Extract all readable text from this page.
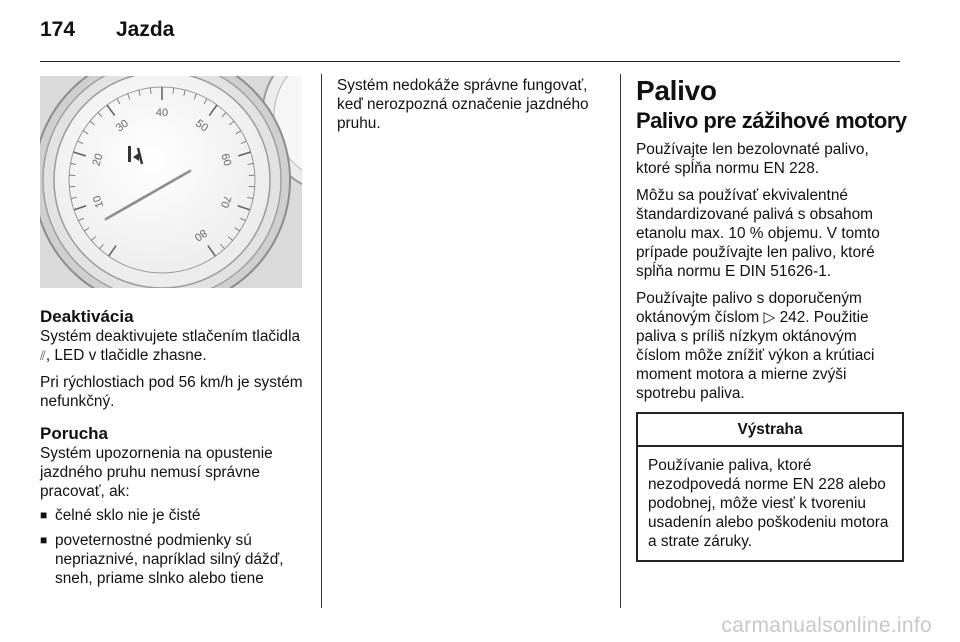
174 Jazda
10
20
30
40
50
60
70
80
Deaktivácia

Systém deaktivujete stlačením tlačidla ⫽, LED v tlačidle zhasne.

Pri rýchlostiach pod 56 km/h je systém nefunkčný.

Porucha

Systém upozornenia na opustenie jazdného pruhu nemusí správne pracovať, ak:

■ čelné sklo nie je čisté
■ poveternostné podmienky sú nepriaznivé, napríklad silný dážď, sneh, priame slnko alebo tiene

Systém nedokáže správne fungovať, keď nerozpozná označenie jazdného pruhu.

Palivo
Palivo pre zážihové motory

Používajte len bezolovnaté palivo, ktoré spĺňa normu EN 228.

Môžu sa používať ekvivalentné štandardizované palivá s obsahom etanolu max. 10 % objemu. V tomto prípade používajte len palivo, ktoré spĺňa normu E DIN 51626-1.

Používajte palivo s doporučeným oktánovým číslom ▷ 242. Použitie paliva s príliš nízkym oktánovým číslom môže znížiť výkon a krútiaci moment motora a mierne zvýši spotrebu paliva.

Výstraha
Používanie paliva, ktoré nezodpovedá norme EN 228 alebo podobnej, môže viesť k tvoreniu usadenín alebo poškodeniu motora a strate záruky.
carmanualsonline.info
